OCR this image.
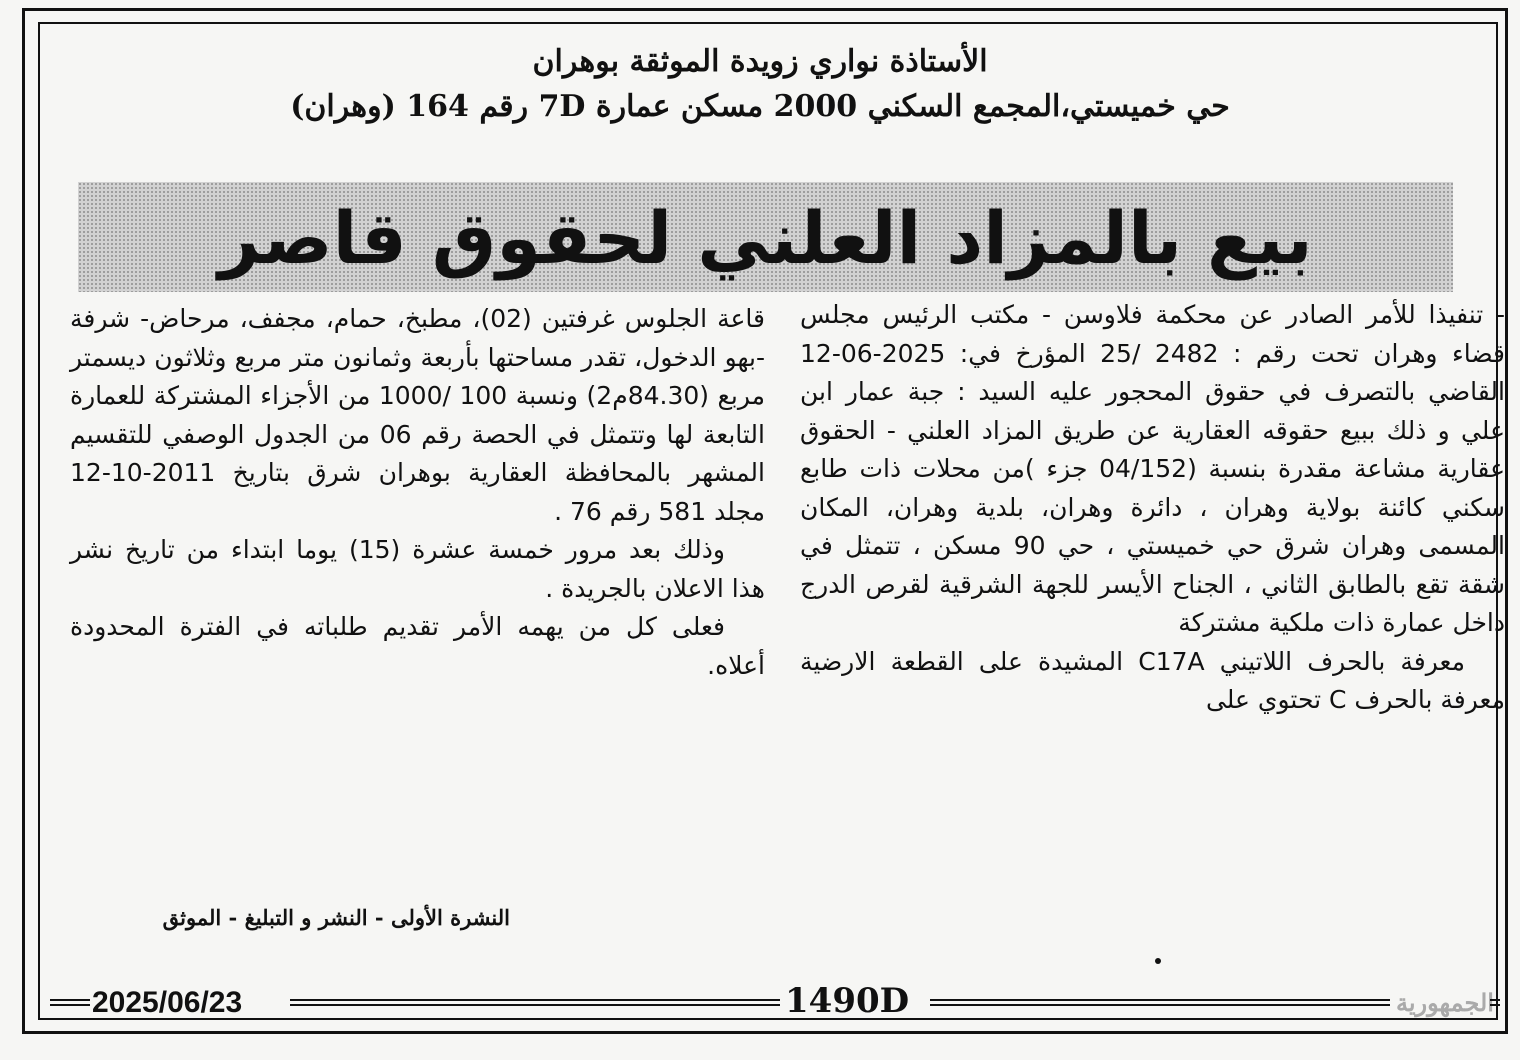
الأستاذة نواري زويدة الموثقة بوهران
حي خميستي،المجمع السكني 2000 مسكن عمارة 7D رقم 164 (وهران)
بيع بالمزاد العلني لحقوق قاصر

- تنفيذا للأمر الصادر عن محكمة فلاوسن - مكتب الرئيس مجلس قضاء وهران تحت رقم : 2482 /25 المؤرخ في: 2025-06-12 القاضي بالتصرف في حقوق المحجور عليه السيد : جبة عمار ابن علي و ذلك ببيع حقوقه العقارية عن طريق المزاد العلني - الحقوق عقارية مشاعة مقدرة بنسبة (04/152 جزء )من محلات ذات طابع سكني كائنة بولاية وهران ، دائرة وهران، بلدية وهران، المكان المسمى وهران شرق حي خميستي ، حي 90 مسكن ، تتمثل في شقة تقع بالطابق الثاني ، الجناح الأيسر للجهة الشرقية لقرص الدرج داخل عمارة ذات ملكية مشتركة

معرفة بالحرف اللاتيني C17A المشيدة على القطعة الارضية معرفة بالحرف C تحتوي على

قاعة الجلوس غرفتين (02)، مطبخ، حمام، مجفف، مرحاض- شرفة -بهو الدخول، تقدر مساحتها بأربعة وثمانون متر مربع وثلاثون ديسمتر مربع (84.30م2) ونسبة 100 /1000 من الأجزاء المشتركة للعمارة التابعة لها وتتمثل في الحصة رقم 06 من الجدول الوصفي للتقسيم المشهر بالمحافظة العقارية بوهران شرق بتاريخ 2011-10-12 مجلد 581 رقم 76 .

وذلك بعد مرور خمسة عشرة (15) يوما ابتداء من تاريخ نشر هذا الاعلان بالجريدة .

فعلى كل من يهمه الأمر تقديم طلباته في الفترة المحدودة أعلاه.

النشرة الأولى - النشر و التبليغ - الموثق
2025/06/23	1490D	الجمهورية
